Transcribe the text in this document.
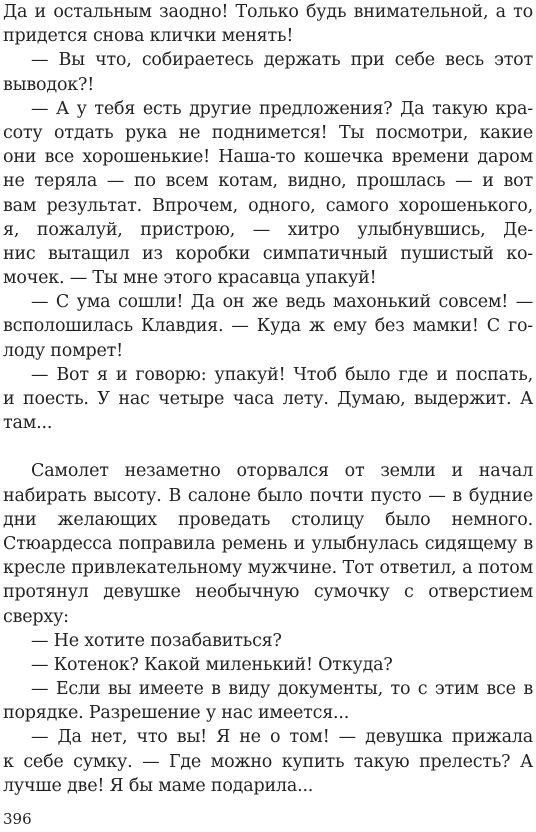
Да и остальным заодно! Только будь внимательной, а то
придется снова клички менять!
— Вы что, собираетесь держать при себе весь этот
выводок?!
— А у тебя есть другие предложения? Да такую кра-
соту отдать рука не поднимется! Ты посмотри, какие
они все хорошенькие! Наша-то кошечка времени даром
не теряла — по всем котам, видно, прошлась — и вот
вам результат. Впрочем, одного, самого хорошенького,
я, пожалуй, пристрою, — хитро улыбнувшись, Де-
нис вытащил из коробки симпатичный пушистый ко-
мочек. — Ты мне этого красавца упакуй!
— С ума сошли! Да он же ведь махонький совсем! —
всполошилась Клавдия. — Куда ж ему без мамки! С го-
лоду помрет!
— Вот я и говорю: упакуй! Чтоб было где и поспать,
и поесть. У нас четыре часа лету. Думаю, выдержит. А
там...
Самолет незаметно оторвался от земли и начал
набирать высоту. В салоне было почти пусто — в будние
дни желающих проведать столицу было немного.
Стюардесса поправила ремень и улыбнулась сидящему в
кресле привлекательному мужчине. Тот ответил, а потом
протянул девушке необычную сумочку с отверстием
сверху:
— Не хотите позабавиться?
— Котенок? Какой миленький! Откуда?
— Если вы имеете в виду документы, то с этим все в
порядке. Разрешение у нас имеется...
— Да нет, что вы! Я не о том! — девушка прижала
к себе сумку. — Где можно купить такую прелесть? А
лучше две! Я бы маме подарила...
396
